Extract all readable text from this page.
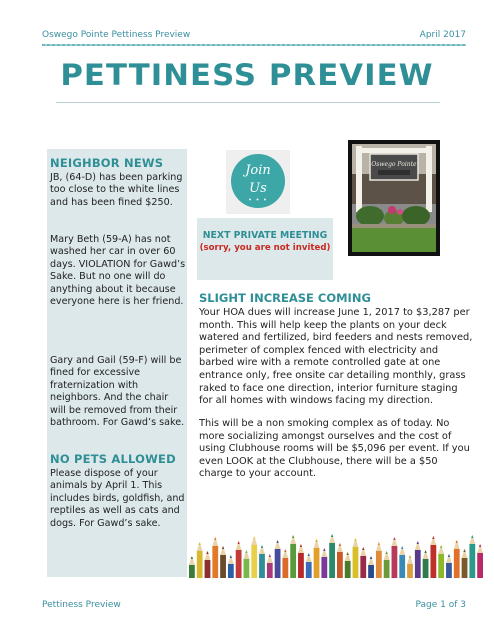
Oswego Pointe Pettiness Preview	April 2017
PETTINESS PREVIEW
NEIGHBOR NEWS
JB, (64-D) has been parking too close to the white lines and has been fined $250.
Mary Beth (59-A) has not washed her car in over 60 days. VIOLATION for Gawd’s Sake. But no one will do anything about it because everyone here is her friend.
Gary and Gail (59-F) will be fined for excessive fraternization with neighbors. And the chair will be removed from their bathroom. For Gawd’s sake.
NO PETS ALLOWED
Please dispose of your animals by April 1. This includes birds, goldfish, and reptiles as well as cats and dogs. For Gawd’s sake.
Join
Us
• • •
NEXT PRIVATE MEETING
(sorry, you are not invited)
Oswego Pointe
SLIGHT INCREASE COMING
Your HOA dues will increase June 1, 2017 to $3,287 per month. This will help keep the plants on your deck watered and fertilized, bird feeders and nests removed, perimeter of complex fenced with electricity and barbed wire with a remote controlled gate at one entrance only, free onsite car detailing monthly, grass raked to face one direction, interior furniture staging for all homes with windows facing my direction.
This will be a non smoking complex as of today. No more socializing amongst ourselves and the cost of using Clubhouse rooms will be $5,096 per event. If you even LOOK at the Clubhouse, there will be a $50 charge to your account.
Pettiness Preview	Page 1 of 3
